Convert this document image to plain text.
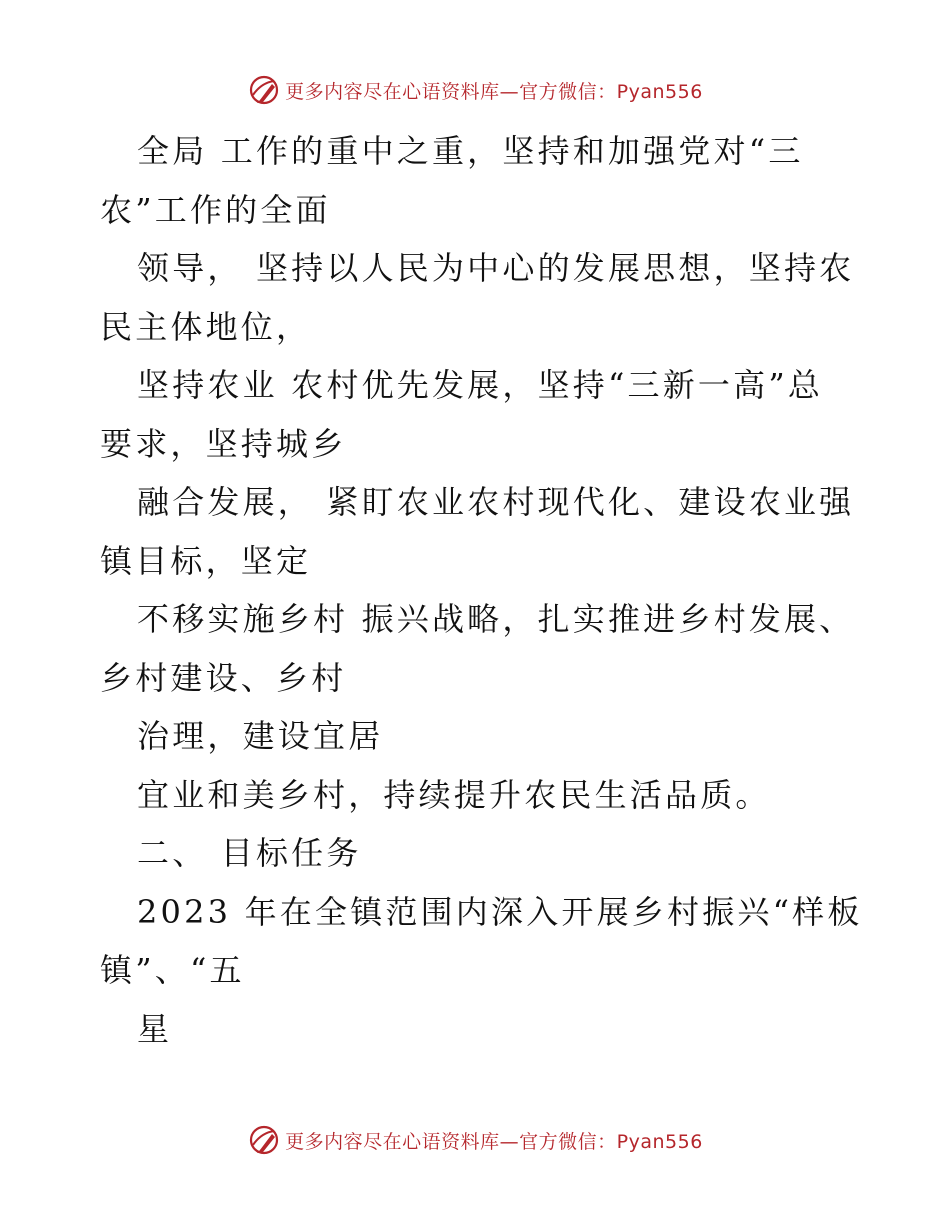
更多内容尽在心语资料库—官方微信：Pyan556
全局 工作的重中之重，坚持和加强党对“三
农”工作的全面
领导， 坚持以人民为中心的发展思想，坚持农
民主体地位，
坚持农业 农村优先发展，坚持“三新一高”总
要求，坚持城乡
融合发展， 紧盯农业农村现代化、建设农业强
镇目标，坚定
不移实施乡村 振兴战略，扎实推进乡村发展、
乡村建设、乡村
治理，建设宜居
宜业和美乡村，持续提升农民生活品质。
二、 目标任务
2023 年在全镇范围内深入开展乡村振兴“样板
镇”、“五
星
更多内容尽在心语资料库—官方微信：Pyan556
